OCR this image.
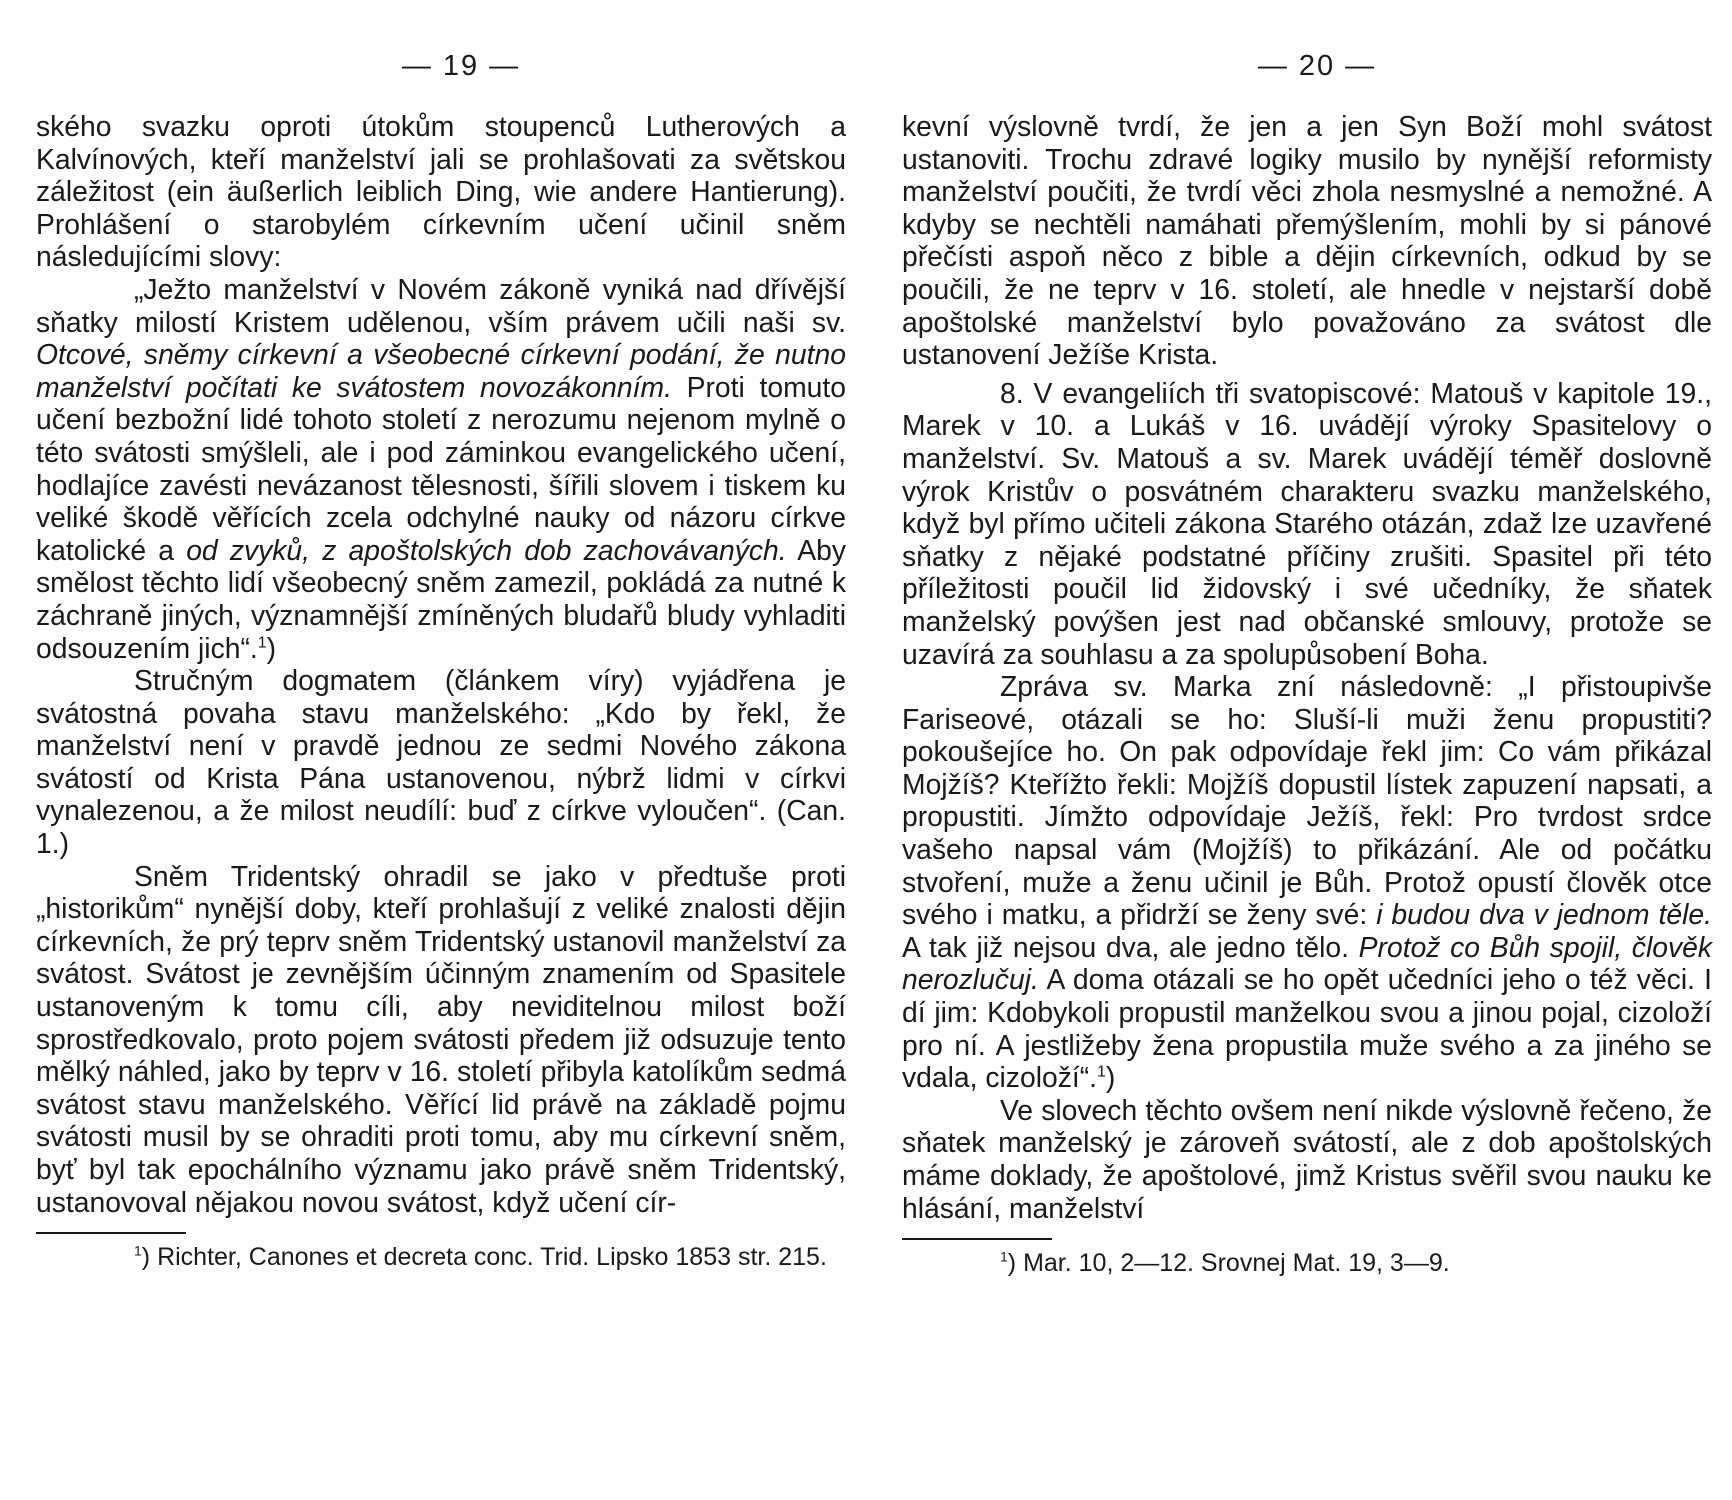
— 19 —

ského svazku oproti útokům stoupenců Lutherových a Kalvínových, kteří manželství jali se prohlašovati za světskou záležitost (ein äußerlich leiblich Ding, wie andere Hantierung). Prohlášení o starobylém církevním učení učinil sněm následujícími slovy:

„Ježto manželství v Novém zákoně vyniká nad dřívější sňatky milostí Kristem udělenou, vším právem učili naši sv. Otcové, sněmy církevní a všeobecné církevní podání, že nutno manželství počítati ke svátostem novozákonním. Proti tomuto učení bezbožní lidé tohoto století z nerozumu nejenom mylně o této svátosti smýšleli, ale i pod záminkou evangelického učení, hodlajíce zavésti nevázanost tělesnosti, šířili slovem i tiskem ku veliké škodě věřících zcela odchylné nauky od názoru církve katolické a od zvyků, z apoštolských dob zachovávaných. Aby smělost těchto lidí všeobecný sněm zamezil, pokládá za nutné k záchraně jiných, významnější zmíněných bludařů bludy vyhladiti odsouzením jich“.$^1$)

Stručným dogmatem (článkem víry) vyjádřena je svátostná povaha stavu manželského: „Kdo by řekl, že manželství není v pravdě jednou ze sedmi Nového zákona svátostí od Krista Pána ustanovenou, nýbrž lidmi v církvi vynalezenou, a že milost neudílí: buď z církve vyloučen“. (Can. 1.)

Sněm Tridentský ohradil se jako v předtuše proti „historikům“ nynější doby, kteří prohlašují z veliké znalosti dějin církevních, že prý teprv sněm Tridentský ustanovil manželství za svátost. Svátost je zevnějším účinným znamením od Spasitele ustanoveným k tomu cíli, aby neviditelnou milost boží sprostředkovalo, proto pojem svátosti předem již odsuzuje tento mělký náhled, jako by teprv v 16. století přibyla katolíkům sedmá svátost stavu manželského. Věřící lid právě na základě pojmu svátosti musil by se ohraditi proti tomu, aby mu církevní sněm, byť byl tak epochálního významu jako právě sněm Tridentský, ustanovoval nějakou novou svátost, když učení cír-

$^1$) Richter, Canones et decreta conc. Trid. Lipsko 1853 str. 215.
— 20 —

kevní výslovně tvrdí, že jen a jen Syn Boží mohl svátost ustanoviti. Trochu zdravé logiky musilo by nynější reformisty manželství poučiti, že tvrdí věci zhola nesmyslné a nemožné. A kdyby se nechtěli namáhati přemýšlením, mohli by si pánové přečísti aspoň něco z bible a dějin církevních, odkud by se poučili, že ne teprv v 16. století, ale hnedle v nejstarší době apoštolské manželství bylo považováno za svátost dle ustanovení Ježíše Krista.

8. V evangeliích tři svatopiscové: Matouš v kapitole 19., Marek v 10. a Lukáš v 16. uvádějí výroky Spasitelovy o manželství. Sv. Matouš a sv. Marek uvádějí téměř doslovně výrok Kristův o posvátném charakteru svazku manželského, když byl přímo učiteli zákona Starého otázán, zdaž lze uzavřené sňatky z nějaké podstatné příčiny zrušiti. Spasitel při této příležitosti poučil lid židovský i své učedníky, že sňatek manželský povýšen jest nad občanské smlouvy, protože se uzavírá za souhlasu a za spolupůsobení Boha.

Zpráva sv. Marka zní následovně: „I přistoupivše Fariseové, otázali se ho: Sluší-li muži ženu propustiti? pokoušejíce ho. On pak odpovídaje řekl jim: Co vám přikázal Mojžíš? Kteřížto řekli: Mojžíš dopustil lístek zapuzení napsati, a propustiti. Jímžto odpovídaje Ježíš, řekl: Pro tvrdost srdce vašeho napsal vám (Mojžíš) to přikázání. Ale od počátku stvoření, muže a ženu učinil je Bůh. Protož opustí člověk otce svého i matku, a přidrží se ženy své: i budou dva v jednom těle. A tak již nejsou dva, ale jedno tělo. Protož co Bůh spojil, člověk nerozlučuj. A doma otázali se ho opět učedníci jeho o též věci. I dí jim: Kdobykoli propustil manželkou svou a jinou pojal, cizoloží pro ní. A jestližeby žena propustila muže svého a za jiného se vdala, cizoloží“.$^1$)

Ve slovech těchto ovšem není nikde výslovně řečeno, že sňatek manželský je zároveň svátostí, ale z dob apoštolských máme doklady, že apoštolové, jimž Kristus svěřil svou nauku ke hlásání, manželství

$^1$) Mar. 10, 2—12. Srovnej Mat. 19, 3—9.
